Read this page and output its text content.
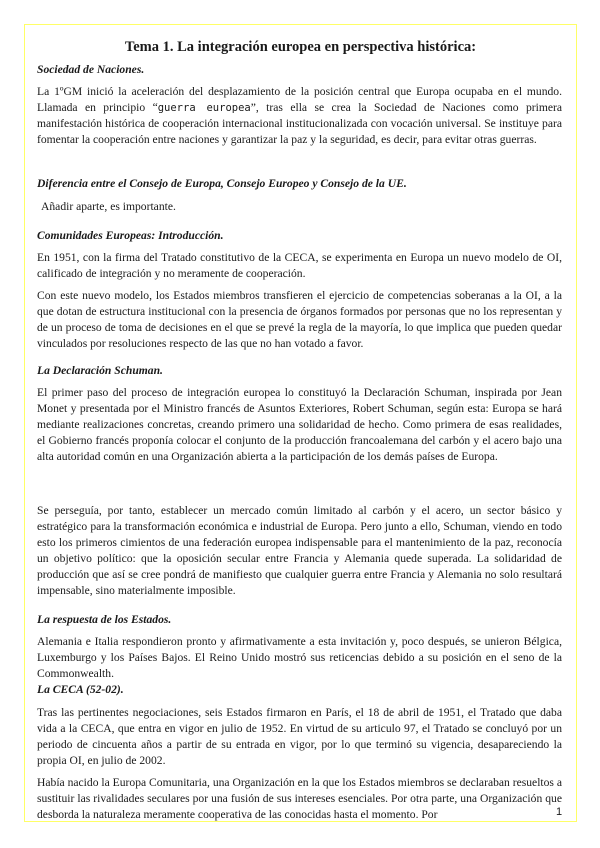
Tema 1. La integración europea en perspectiva histórica:
Sociedad de Naciones.
La 1ºGM inició la aceleración del desplazamiento de la posición central que Europa ocupaba en el mundo. Llamada en principio “guerra europea”, tras ella se crea la Sociedad de Naciones como primera manifestación histórica de cooperación internacional institucionalizada con vocación universal. Se instituye para fomentar la cooperación entre naciones y garantizar la paz y la seguridad, es decir, para evitar otras guerras.
Diferencia entre el Consejo de Europa, Consejo Europeo y Consejo de la UE.
Añadir aparte, es importante.
Comunidades Europeas: Introducción.
En 1951, con la firma del Tratado constitutivo de la CECA, se experimenta en Europa un nuevo modelo de OI, calificado de integración y no meramente de cooperación.
Con este nuevo modelo, los Estados miembros transfieren el ejercicio de competencias soberanas a la OI, a la que dotan de estructura institucional con la presencia de órganos formados por personas que no los representan y de un proceso de toma de decisiones en el que se prevé la regla de la mayoría, lo que implica que pueden quedar vinculados por resoluciones respecto de las que no han votado a favor.
La Declaración Schuman.
El primer paso del proceso de integración europea lo constituyó la Declaración Schuman, inspirada por Jean Monet y presentada por el Ministro francés de Asuntos Exteriores, Robert Schuman, según esta: Europa se hará mediante realizaciones concretas, creando primero una solidaridad de hecho. Como primera de esas realidades, el Gobierno francés proponía colocar el conjunto de la producción francoalemana del carbón y el acero bajo una alta autoridad común en una Organización abierta a la participación de los demás países de Europa.
Se perseguía, por tanto, establecer un mercado común limitado al carbón y el acero, un sector básico y estratégico para la transformación económica e industrial de Europa. Pero junto a ello, Schuman, viendo en todo esto los primeros cimientos de una federación europea indispensable para el mantenimiento de la paz, reconocía un objetivo político: que la oposición secular entre Francia y Alemania quede superada. La solidaridad de producción que así se cree pondrá de manifiesto que cualquier guerra entre Francia y Alemania no solo resultará impensable, sino materialmente imposible.
La respuesta de los Estados.
Alemania e Italia respondieron pronto y afirmativamente a esta invitación y, poco después, se unieron Bélgica, Luxemburgo y los Países Bajos. El Reino Unido mostró sus reticencias debido a su posición en el seno de la Commonwealth.
La CECA (52-02).
Tras las pertinentes negociaciones, seis Estados firmaron en París, el 18 de abril de 1951, el Tratado que daba vida a la CECA, que entra en vigor en julio de 1952. En virtud de su articulo 97, el Tratado se concluyó por un periodo de cincuenta años a partir de su entrada en vigor, por lo que terminó su vigencia, desapareciendo la propia OI, en julio de 2002.
Había nacido la Europa Comunitaria, una Organización en la que los Estados miembros se declaraban resueltos a sustituir las rivalidades seculares por una fusión de sus intereses esenciales. Por otra parte, una Organización que desborda la naturaleza meramente cooperativa de las conocidas hasta el momento. Por	1
